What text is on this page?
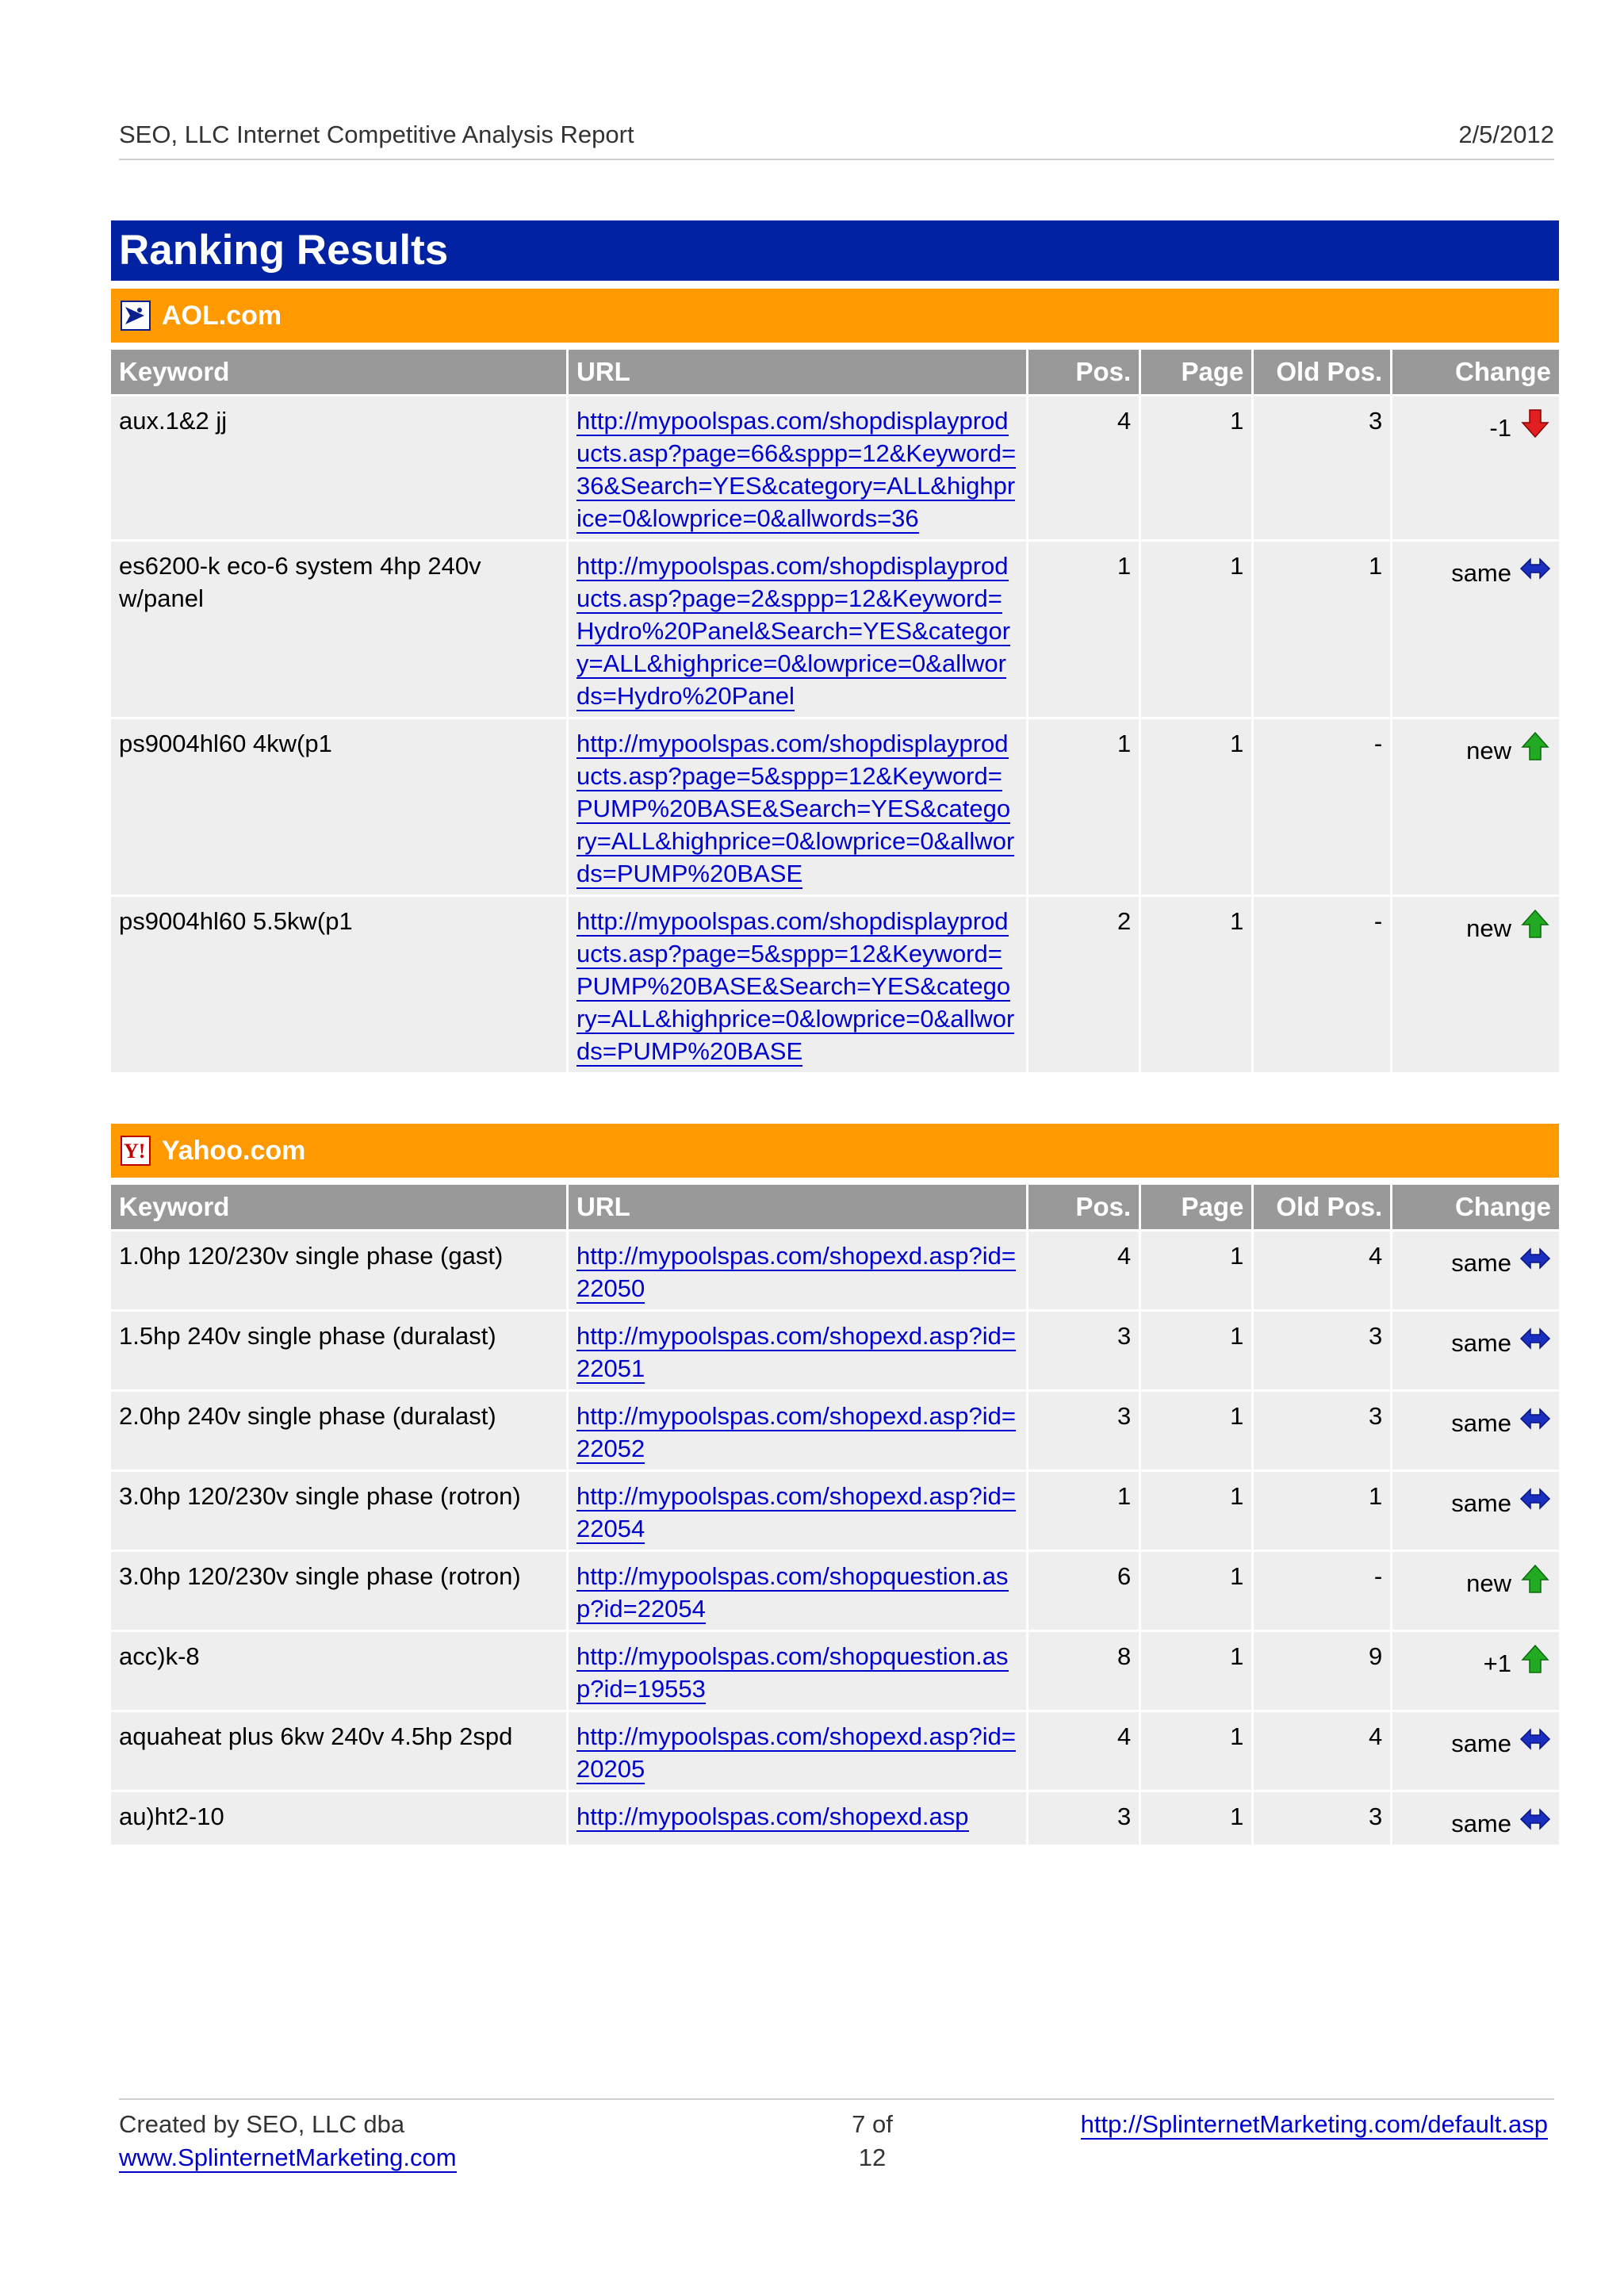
SEO, LLC Internet Competitive Analysis Report	2/5/2012
Ranking Results
AOL.com
Keyword	URL	Pos.	Page	Old Pos.	Change
aux.1&2 jj	http://mypoolspas.com/shopdisplayproducts.asp?page=66&sppp=12&Keyword=36&Search=YES&category=ALL&highprice=0&lowprice=0&allwords=36	4	1	3	-1
es6200-k eco-6 system 4hp 240v w/panel	http://mypoolspas.com/shopdisplayproducts.asp?page=2&sppp=12&Keyword=Hydro%20Panel&Search=YES&category=ALL&highprice=0&lowprice=0&allwords=Hydro%20Panel	1	1	1	same
ps9004hl60 4kw(p1	http://mypoolspas.com/shopdisplayproducts.asp?page=5&sppp=12&Keyword=PUMP%20BASE&Search=YES&category=ALL&highprice=0&lowprice=0&allwords=PUMP%20BASE	1	1	-	new
ps9004hl60 5.5kw(p1	http://mypoolspas.com/shopdisplayproducts.asp?page=5&sppp=12&Keyword=PUMP%20BASE&Search=YES&category=ALL&highprice=0&lowprice=0&allwords=PUMP%20BASE	2	1	-	new
Y! Yahoo.com
Keyword	URL	Pos.	Page	Old Pos.	Change
1.0hp 120/230v single phase (gast)	http://mypoolspas.com/shopexd.asp?id=22050	4	1	4	same
1.5hp 240v single phase (duralast)	http://mypoolspas.com/shopexd.asp?id=22051	3	1	3	same
2.0hp 240v single phase (duralast)	http://mypoolspas.com/shopexd.asp?id=22052	3	1	3	same
3.0hp 120/230v single phase (rotron)	http://mypoolspas.com/shopexd.asp?id=22054	1	1	1	same
3.0hp 120/230v single phase (rotron)	http://mypoolspas.com/shopquestion.asp?id=22054	6	1	-	new
acc)k-8	http://mypoolspas.com/shopquestion.asp?id=19553	8	1	9	+1
aquaheat plus 6kw 240v 4.5hp 2spd	http://mypoolspas.com/shopexd.asp?id=20205	4	1	4	same
au)ht2-10	http://mypoolspas.com/shopexd.asp	3	1	3	same
Created by SEO, LLC dba
www.SplinternetMarketing.com
7 of
12
http://SplinternetMarketing.com/default.asp
